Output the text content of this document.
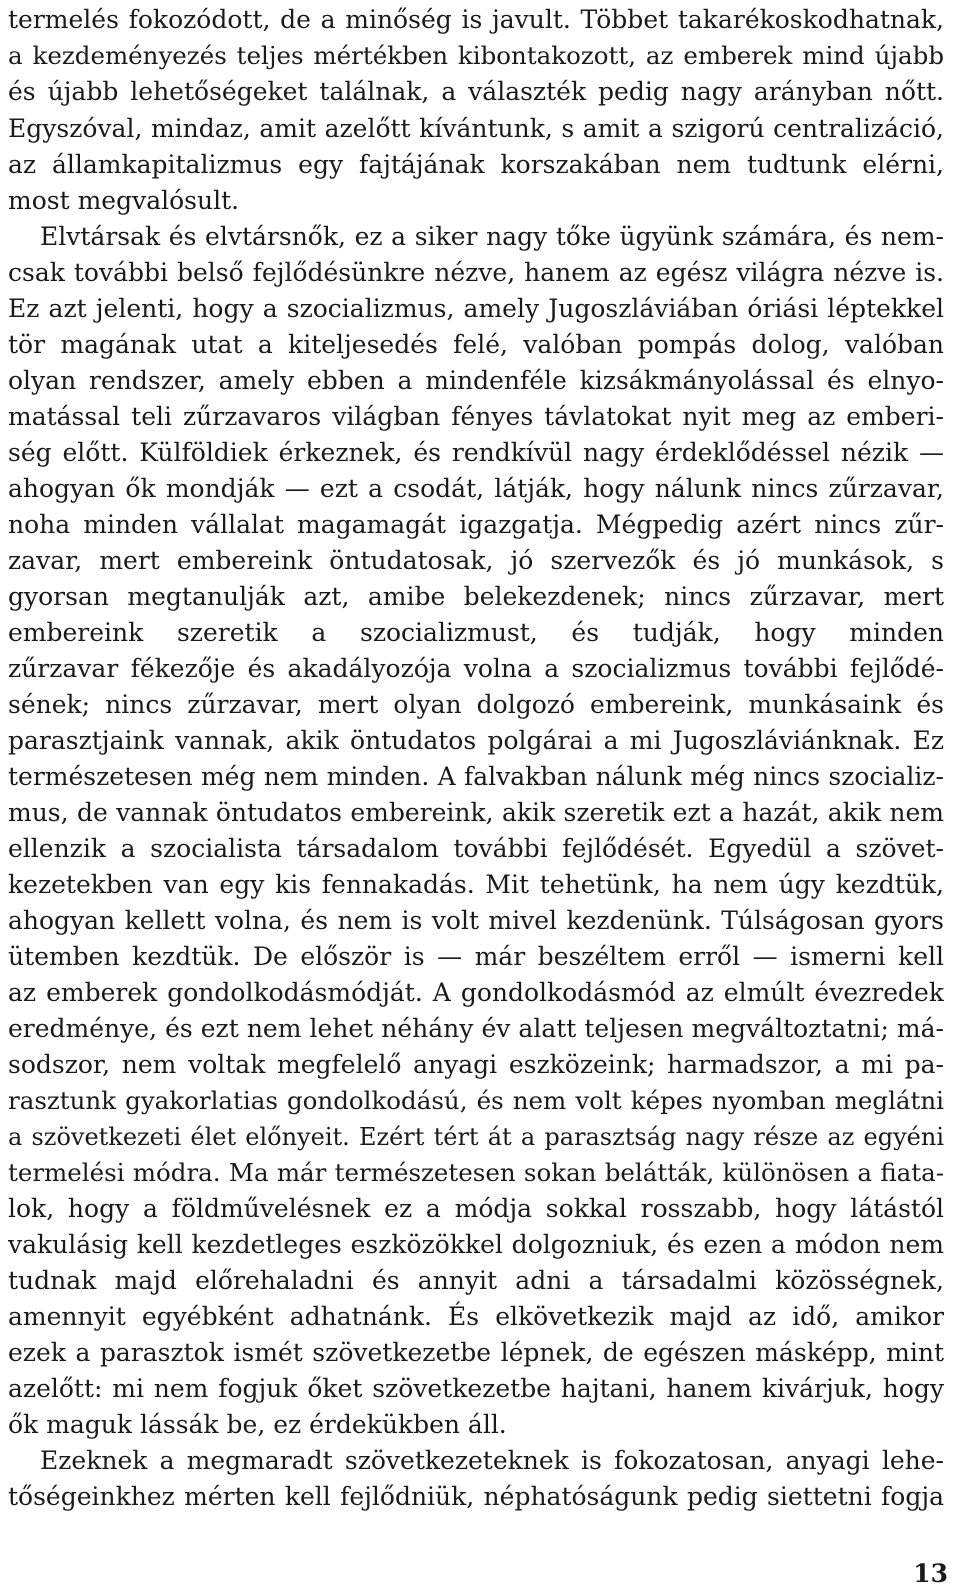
termelés fokozódott, de a minőség is javult. Többet takarékoskodhatnak,
a kezdeményezés teljes mértékben kibontakozott, az emberek mind újabb
és újabb lehetőségeket találnak, a választék pedig nagy arányban nőtt.
Egyszóval, mindaz, amit azelőtt kívántunk, s amit a szigorú centralizáció,
az államkapitalizmus egy fajtájának korszakában nem tudtunk elérni,
most megvalósult.
Elvtársak és elvtársnők, ez a siker nagy tőke ügyünk számára, és nem-
csak további belső fejlődésünkre nézve, hanem az egész világra nézve is.
Ez azt jelenti, hogy a szocializmus, amely Jugoszláviában óriási léptekkel
tör magának utat a kiteljesedés felé, valóban pompás dolog, valóban
olyan rendszer, amely ebben a mindenféle kizsákmányolással és elnyo-
matással teli zűrzavaros világban fényes távlatokat nyit meg az emberi-
ség előtt. Külföldiek érkeznek, és rendkívül nagy érdeklődéssel nézik —
ahogyan ők mondják — ezt a csodát, látják, hogy nálunk nincs zűrzavar,
noha minden vállalat magamagát igazgatja. Mégpedig azért nincs zűr-
zavar, mert embereink öntudatosak, jó szervezők és jó munkások, s
gyorsan megtanulják azt, amibe belekezdenek; nincs zűrzavar, mert
embereink szeretik a szocializmust, és tudják, hogy minden
zűrzavar fékezője és akadályozója volna a szocializmus további fejlődé-
sének; nincs zűrzavar, mert olyan dolgozó embereink, munkásaink és
parasztjaink vannak, akik öntudatos polgárai a mi Jugoszláviánknak. Ez
természetesen még nem minden. A falvakban nálunk még nincs szocializ-
mus, de vannak öntudatos embereink, akik szeretik ezt a hazát, akik nem
ellenzik a szocialista társadalom további fejlődését. Egyedül a szövet-
kezetekben van egy kis fennakadás. Mit tehetünk, ha nem úgy kezdtük,
ahogyan kellett volna, és nem is volt mivel kezdenünk. Túlságosan gyors
ütemben kezdtük. De először is — már beszéltem erről — ismerni kell
az emberek gondolkodásmódját. A gondolkodásmód az elmúlt évezredek
eredménye, és ezt nem lehet néhány év alatt teljesen megváltoztatni; má-
sodszor, nem voltak megfelelő anyagi eszközeink; harmadszor, a mi pa-
rasztunk gyakorlatias gondolkodású, és nem volt képes nyomban meglátni
a szövetkezeti élet előnyeit. Ezért tért át a parasztság nagy része az egyéni
termelési módra. Ma már természetesen sokan belátták, különösen a fiata-
lok, hogy a földművelésnek ez a módja sokkal rosszabb, hogy látástól
vakulásig kell kezdetleges eszközökkel dolgozniuk, és ezen a módon nem
tudnak majd előrehaladni és annyit adni a társadalmi közösségnek,
amennyit egyébként adhatnánk. És elkövetkezik majd az idő, amikor
ezek a parasztok ismét szövetkezetbe lépnek, de egészen másképp, mint
azelőtt: mi nem fogjuk őket szövetkezetbe hajtani, hanem kivárjuk, hogy
ők maguk lássák be, ez érdekükben áll.
Ezeknek a megmaradt szövetkezeteknek is fokozatosan, anyagi lehe-
tőségeinkhez mérten kell fejlődniük, néphatóságunk pedig siettetni fogja
13
